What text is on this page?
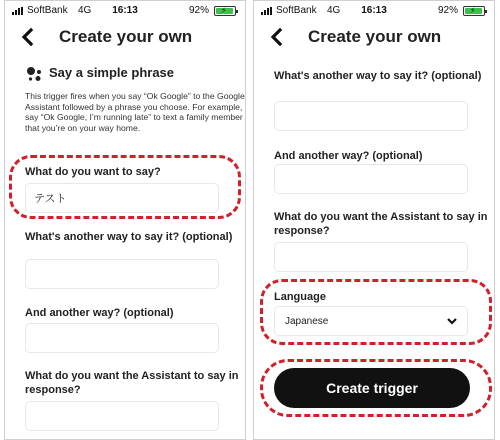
SoftBank 4G	16:13	92% ⚡
Create your own
Say a simple phrase
This trigger fires when you say “Ok Google” to the Google Assistant followed by a phrase you choose. For example, say “Ok Google, I’m running late” to text a family member that you’re on your way home.
What do you want to say?
テスト
What's another way to say it? (optional)
And another way? (optional)
What do you want the Assistant to say in response?
SoftBank 4G	16:13	92% ⚡
Create your own
What's another way to say it? (optional)
And another way? (optional)
What do you want the Assistant to say in response?
Language
Japanese
Create trigger
